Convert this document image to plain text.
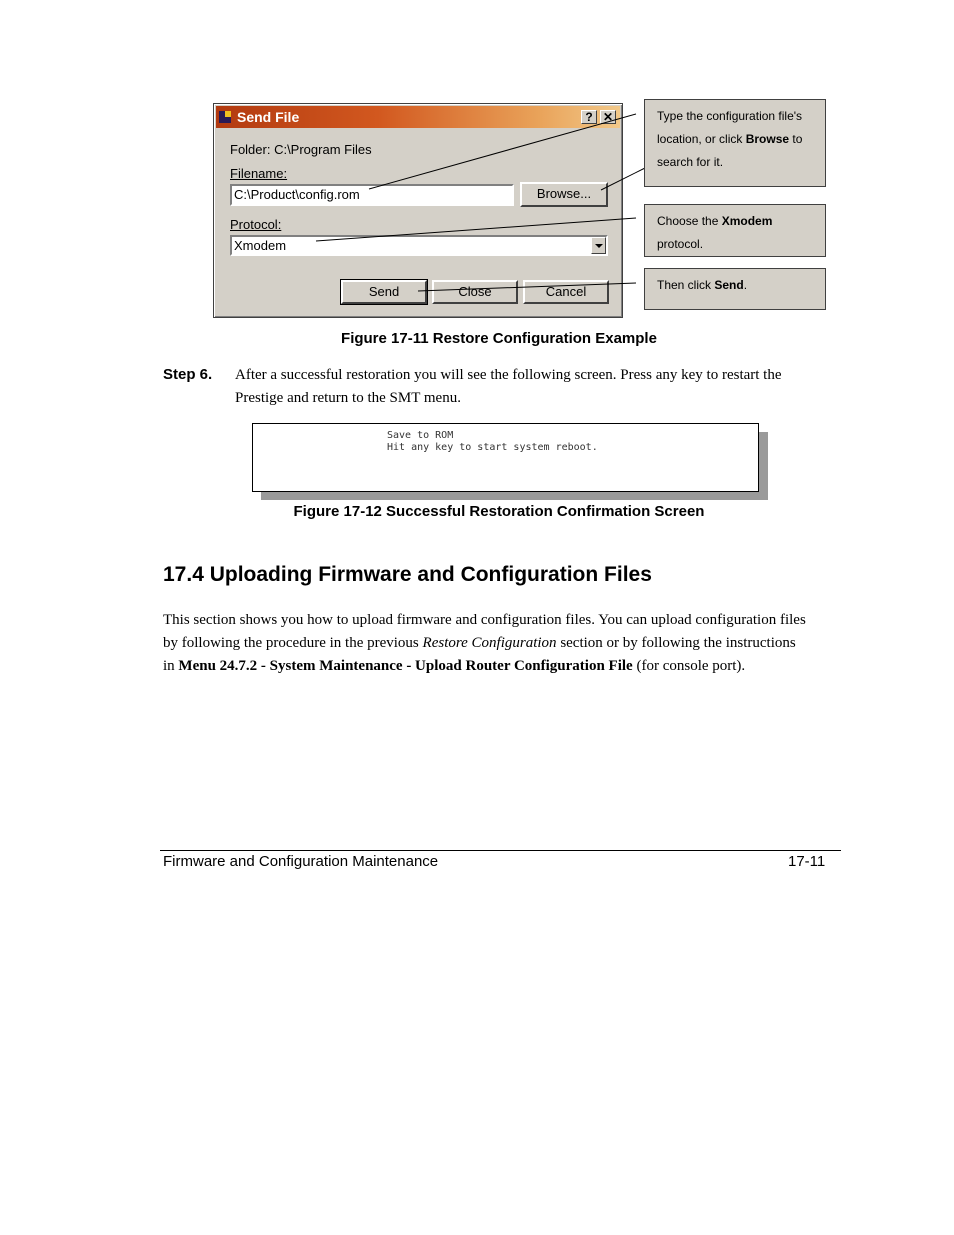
Send File	? ✕
Folder: C:\Program Files
Filename:
C:\Product\config.rom	Browse...
Protocol:
Xmodem
Send	Close	Cancel
Type the configuration file's location, or click Browse to search for it.
Choose the Xmodem protocol.
Then click Send.
Figure 17-11 Restore Configuration Example
Step 6. After a successful restoration you will see the following screen. Press any key to restart the
Prestige and return to the SMT menu.
Save to ROM
Hit any key to start system reboot.
Figure 17-12 Successful Restoration Confirmation Screen
17.4 Uploading Firmware and Configuration Files
This section shows you how to upload firmware and configuration files. You can upload configuration files
by following the procedure in the previous Restore Configuration section or by following the instructions
in Menu 24.7.2 - System Maintenance - Upload Router Configuration File (for console port).
Firmware and Configuration Maintenance	17-11
